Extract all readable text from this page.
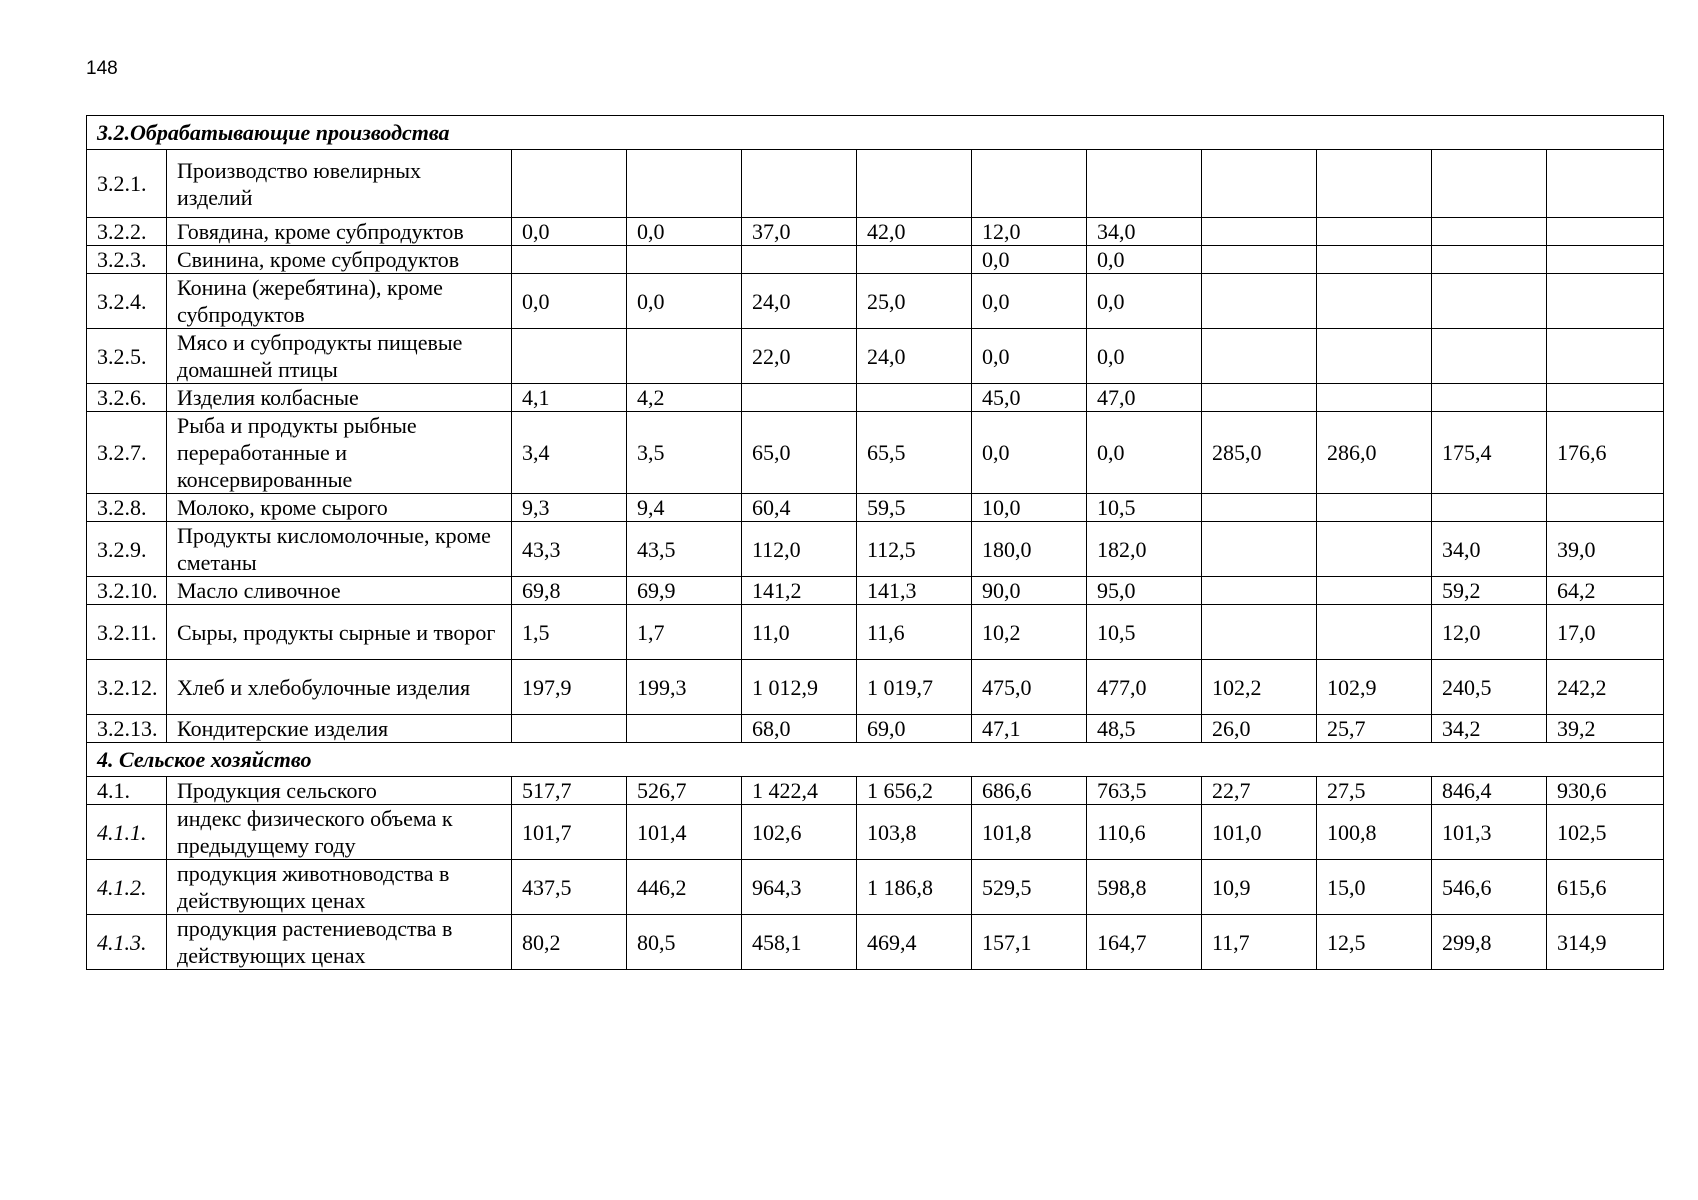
148
3.2.Обрабатывающие производства											
3.2.1.	Производство ювелирных изделий										
3.2.2.	Говядина, кроме субпродуктов	0,0	0,0	37,0	42,0	12,0	34,0				
3.2.3.	Свинина, кроме субпродуктов					0,0	0,0				
3.2.4.	Конина (жеребятина), кроме субпродуктов	0,0	0,0	24,0	25,0	0,0	0,0				
3.2.5.	Мясо и субпродукты пищевые домашней птицы			22,0	24,0	0,0	0,0				
3.2.6.	Изделия колбасные	4,1	4,2			45,0	47,0				
3.2.7.	Рыба и продукты рыбные переработанные и консервированные	3,4	3,5	65,0	65,5	0,0	0,0	285,0	286,0	175,4	176,6
3.2.8.	Молоко, кроме сырого	9,3	9,4	60,4	59,5	10,0	10,5				
3.2.9.	Продукты кисломолочные, кроме сметаны	43,3	43,5	112,0	112,5	180,0	182,0			34,0	39,0
3.2.10.	Масло сливочное	69,8	69,9	141,2	141,3	90,0	95,0			59,2	64,2
3.2.11.	Сыры, продукты сырные и творог	1,5	1,7	11,0	11,6	10,2	10,5			12,0	17,0
3.2.12.	Хлеб и хлебобулочные изделия	197,9	199,3	1 012,9	1 019,7	475,0	477,0	102,2	102,9	240,5	242,2
3.2.13.	Кондитерские изделия			68,0	69,0	47,1	48,5	26,0	25,7	34,2	39,2
4. Сельское хозяйство											
4.1.	Продукция сельского	517,7	526,7	1 422,4	1 656,2	686,6	763,5	22,7	27,5	846,4	930,6
4.1.1.	индекс физического объема к предыдущему году	101,7	101,4	102,6	103,8	101,8	110,6	101,0	100,8	101,3	102,5
4.1.2.	продукция животноводства в действующих ценах	437,5	446,2	964,3	1 186,8	529,5	598,8	10,9	15,0	546,6	615,6
4.1.3.	продукция растениеводства в действующих ценах	80,2	80,5	458,1	469,4	157,1	164,7	11,7	12,5	299,8	314,9
